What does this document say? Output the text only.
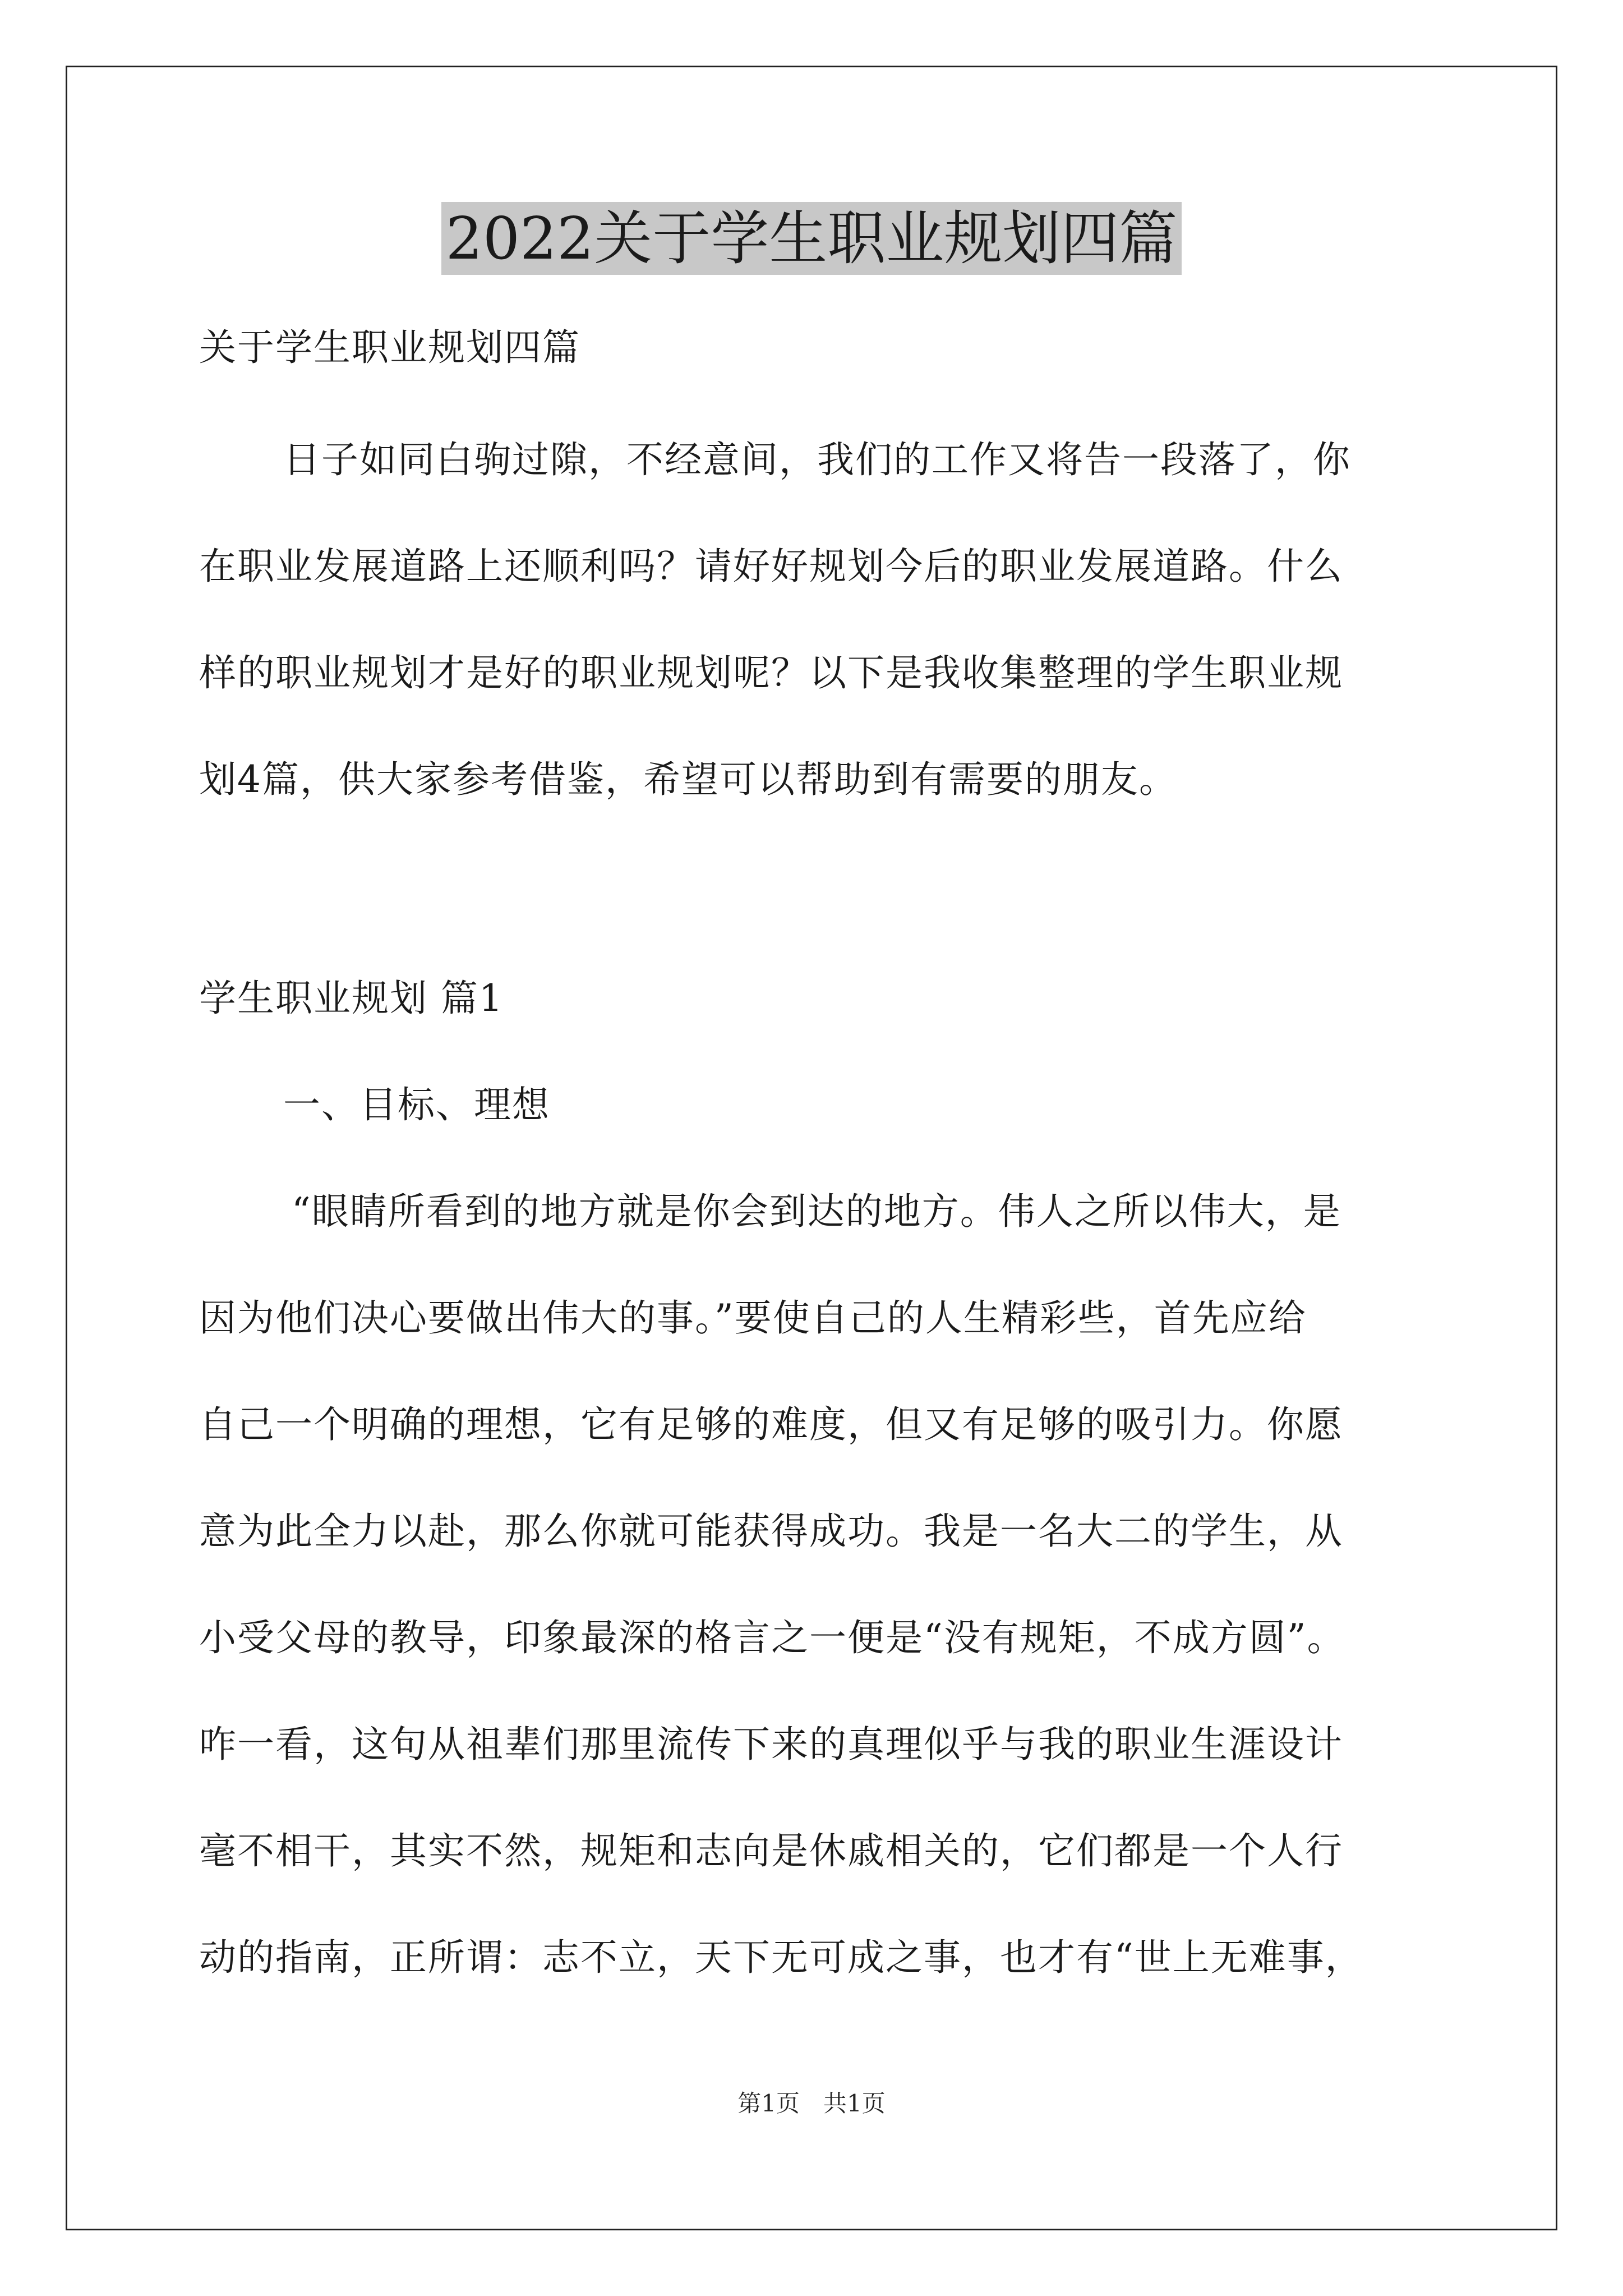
2022关于学生职业规划四篇
关于学生职业规划四篇
日子如同白驹过隙，不经意间，我们的工作又将告一段落了，你
在职业发展道路上还顺利吗？请好好规划今后的职业发展道路。什么
样的职业规划才是好的职业规划呢？以下是我收集整理的学生职业规
划4篇，供大家参考借鉴，希望可以帮助到有需要的朋友。
学生职业规划 篇1
一、目标、理想
“眼睛所看到的地方就是你会到达的地方。伟人之所以伟大，是
因为他们决心要做出伟大的事。”要使自己的人生精彩些，首先应给
自己一个明确的理想，它有足够的难度，但又有足够的吸引力。你愿
意为此全力以赴，那么你就可能获得成功。我是一名大二的学生，从
小受父母的教导，印象最深的格言之一便是“没有规矩，不成方圆”。
咋一看，这句从祖辈们那里流传下来的真理似乎与我的职业生涯设计
毫不相干，其实不然，规矩和志向是休戚相关的，它们都是一个人行
动的指南，正所谓：志不立，天下无可成之事，也才有“世上无难事，
第1页　共1页
